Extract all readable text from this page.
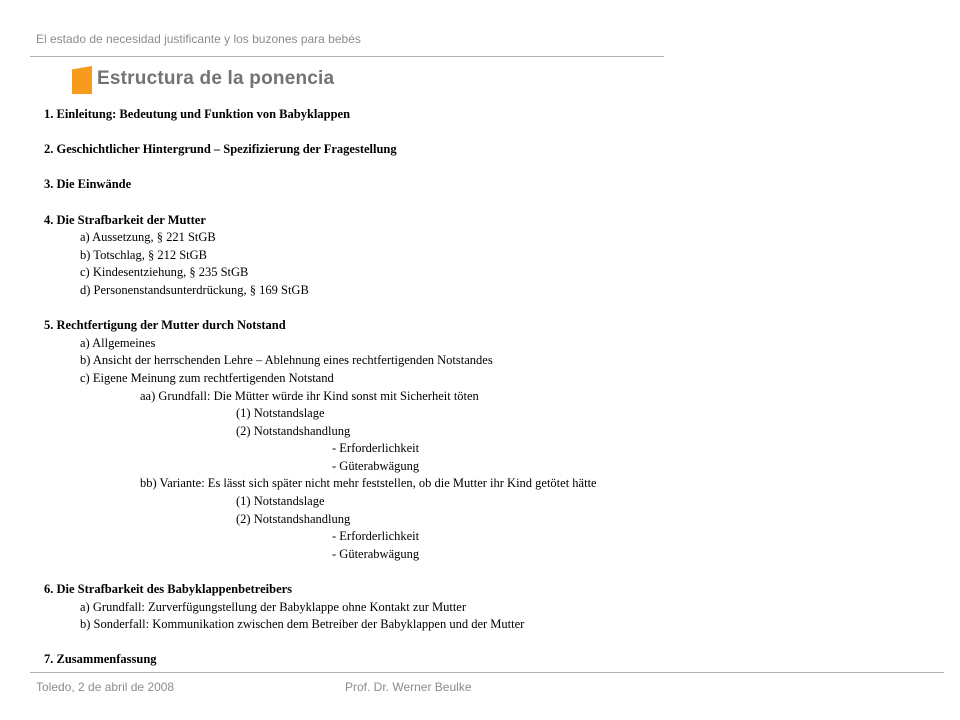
El estado de necesidad justificante y los buzones para bebés
Estructura de la ponencia
1. Einleitung: Bedeutung und Funktion von Babyklappen
2. Geschichtlicher Hintergrund – Spezifizierung der Fragestellung
3. Die Einwände
4. Die Strafbarkeit der Mutter
a) Aussetzung, § 221 StGB
b) Totschlag, § 212 StGB
c) Kindesentziehung, § 235 StGB
d) Personenstandsunterdrückung, § 169 StGB
5. Rechtfertigung der Mutter durch Notstand
a) Allgemeines
b) Ansicht der herrschenden Lehre – Ablehnung eines rechtfertigenden Notstandes
c) Eigene Meinung zum rechtfertigenden Notstand
aa) Grundfall: Die Mütter würde ihr Kind sonst mit Sicherheit töten
(1) Notstandslage
(2) Notstandshandlung
- Erforderlichkeit
- Güterabwägung
bb) Variante: Es lässt sich später nicht mehr feststellen, ob die Mutter ihr Kind getötet hätte
(1) Notstandslage
(2) Notstandshandlung
- Erforderlichkeit
- Güterabwägung
6. Die Strafbarkeit des Babyklappenbetreibers
a) Grundfall: Zurverfügungstellung der Babyklappe ohne Kontakt zur Mutter
b) Sonderfall: Kommunikation zwischen dem Betreiber der Babyklappen und der Mutter
7. Zusammenfassung
Toledo, 2 de abril de 2008	Prof. Dr. Werner Beulke
